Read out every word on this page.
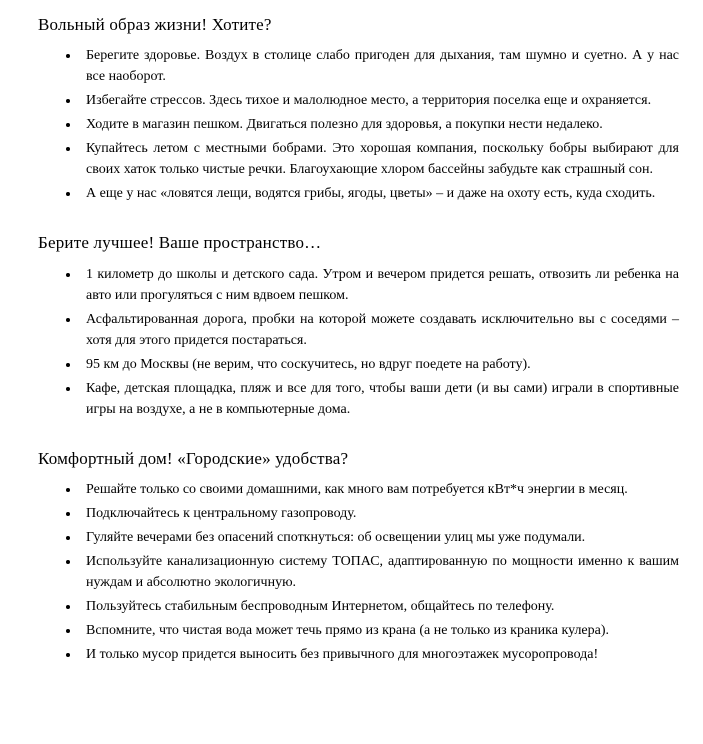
Вольный образ жизни! Хотите?
• Берегите здоровье. Воздух в столице слабо пригоден для дыхания, там шумно и суетно. А у нас все наоборот.
• Избегайте стрессов. Здесь тихое и малолюдное место, а территория поселка еще и охраняется.
• Ходите в магазин пешком. Двигаться полезно для здоровья, а покупки нести недалеко.
• Купайтесь летом с местными бобрами. Это хорошая компания, поскольку бобры выбирают для своих хаток только чистые речки. Благоухающие хлором бассейны забудьте как страшный сон.
• А еще у нас «ловятся лещи, водятся грибы, ягоды, цветы» – и даже на охоту есть, куда сходить.
Берите лучшее! Ваше пространство…
• 1 километр до школы и детского сада. Утром и вечером придется решать, отвозить ли ребенка на авто или прогуляться с ним вдвоем пешком.
• Асфальтированная дорога, пробки на которой можете создавать исключительно вы с соседями – хотя для этого придется постараться.
• 95 км до Москвы (не верим, что соскучитесь, но вдруг поедете на работу).
• Кафе, детская площадка, пляж и все для того, чтобы ваши дети (и вы сами) играли в спортивные игры на воздухе, а не в компьютерные дома.
Комфортный дом! «Городские» удобства?
• Решайте только со своими домашними, как много вам потребуется кВт*ч энергии в месяц.
• Подключайтесь к центральному газопроводу.
• Гуляйте вечерами без опасений споткнуться: об освещении улиц мы уже подумали.
• Используйте канализационную систему ТОПАС, адаптированную по мощности именно к вашим нуждам и абсолютно экологичную.
• Пользуйтесь стабильным беспроводным Интернетом, общайтесь по телефону.
• Вспомните, что чистая вода может течь прямо из крана (а не только из краника кулера).
• И только мусор придется выносить без привычного для многоэтажек мусоропровода!
